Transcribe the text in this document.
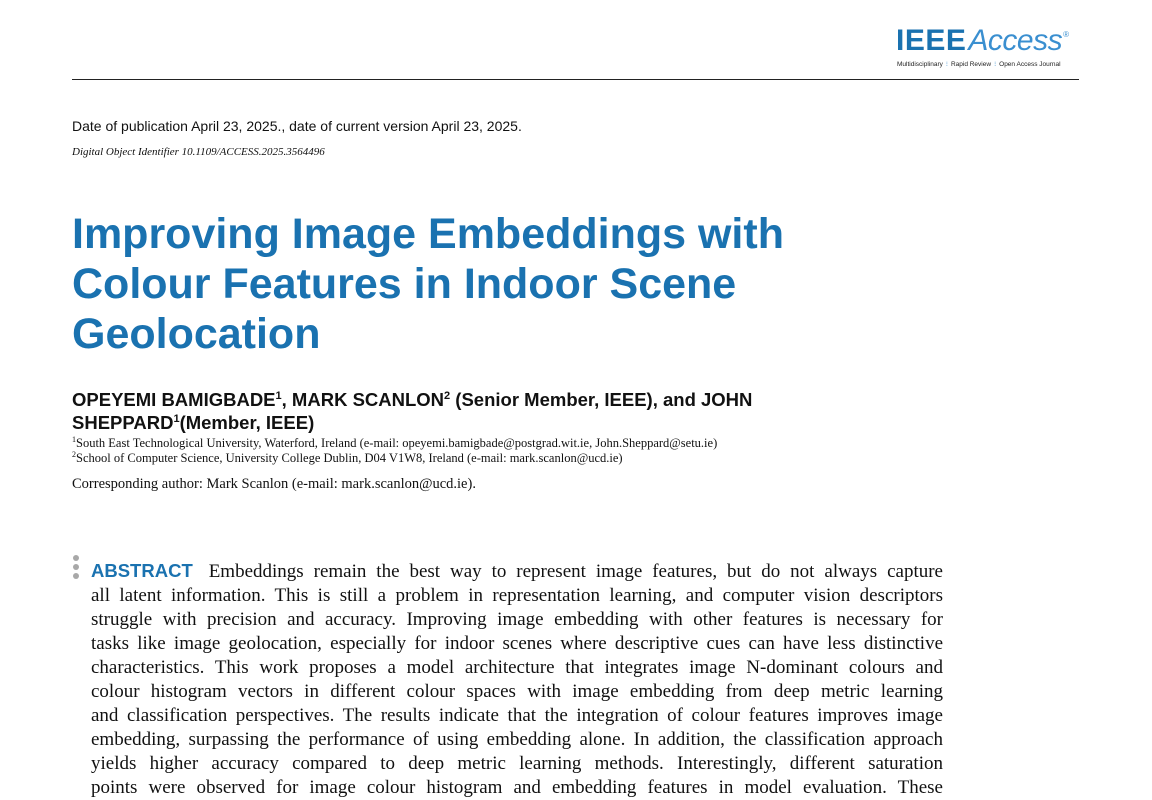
IEEE Access ®
Multidisciplinary ⁝ Rapid Review ⁝ Open Access Journal
Date of publication April 23, 2025., date of current version April 23, 2025.
Digital Object Identifier 10.1109/ACCESS.2025.3564496
Improving Image Embeddings with
Colour Features in Indoor Scene
Geolocation
OPEYEMI BAMIGBADE$^1$, MARK SCANLON$^2$ (Senior Member, IEEE), and JOHN
SHEPPARD$^1$(Member, IEEE)
$^1$South East Technological University, Waterford, Ireland (e-mail: opeyemi.bamigbade@postgrad.wit.ie, John.Sheppard@setu.ie)
$^2$School of Computer Science, University College Dublin, D04 V1W8, Ireland (e-mail: mark.scanlon@ucd.ie)
Corresponding author: Mark Scanlon (e-mail: mark.scanlon@ucd.ie).

ABSTRACT Embeddings remain the best way to represent image features, but do not always capture
all latent information. This is still a problem in representation learning, and computer vision descriptors
struggle with precision and accuracy. Improving image embedding with other features is necessary for
tasks like image geolocation, especially for indoor scenes where descriptive cues can have less distinctive
characteristics. This work proposes a model architecture that integrates image N-dominant colours and
colour histogram vectors in different colour spaces with image embedding from deep metric learning
and classification perspectives. The results indicate that the integration of colour features improves image
embedding, surpassing the performance of using embedding alone. In addition, the classification approach
yields higher accuracy compared to deep metric learning methods. Interestingly, different saturation
points were observed for image colour histogram and embedding features in model evaluation. These
